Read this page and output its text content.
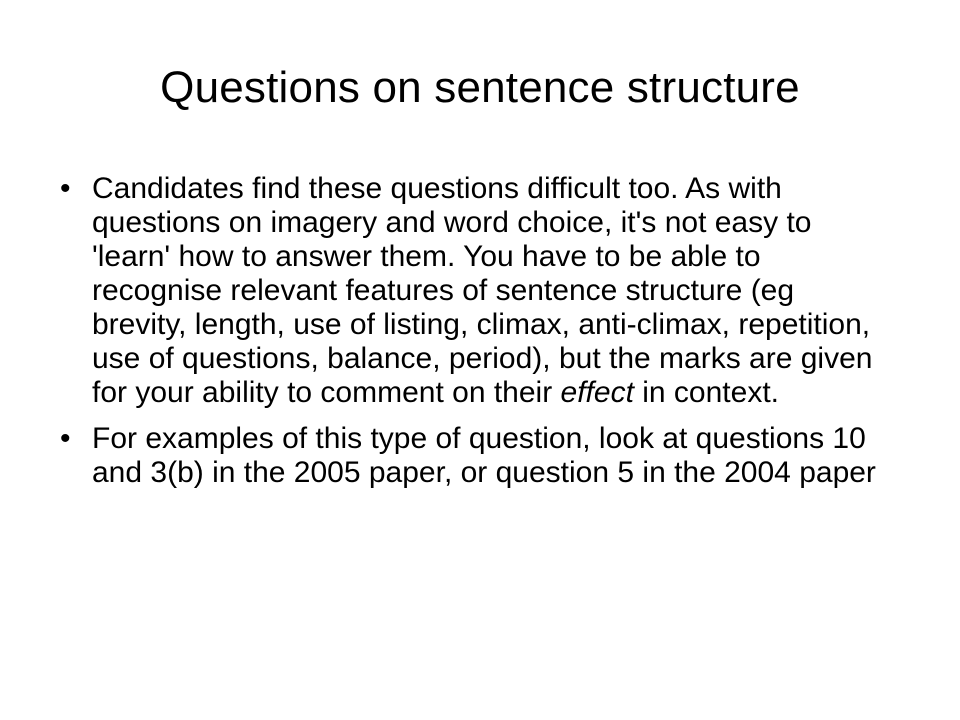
Questions on sentence structure
• Candidates find these questions difficult too. As with questions on imagery and word choice, it's not easy to 'learn' how to answer them. You have to be able to recognise relevant features of sentence structure (eg brevity, length, use of listing, climax, anti-climax, repetition, use of questions, balance, period), but the marks are given for your ability to comment on their effect in context.
• For examples of this type of question, look at questions 10 and 3(b) in the 2005 paper, or question 5 in the 2004 paper
